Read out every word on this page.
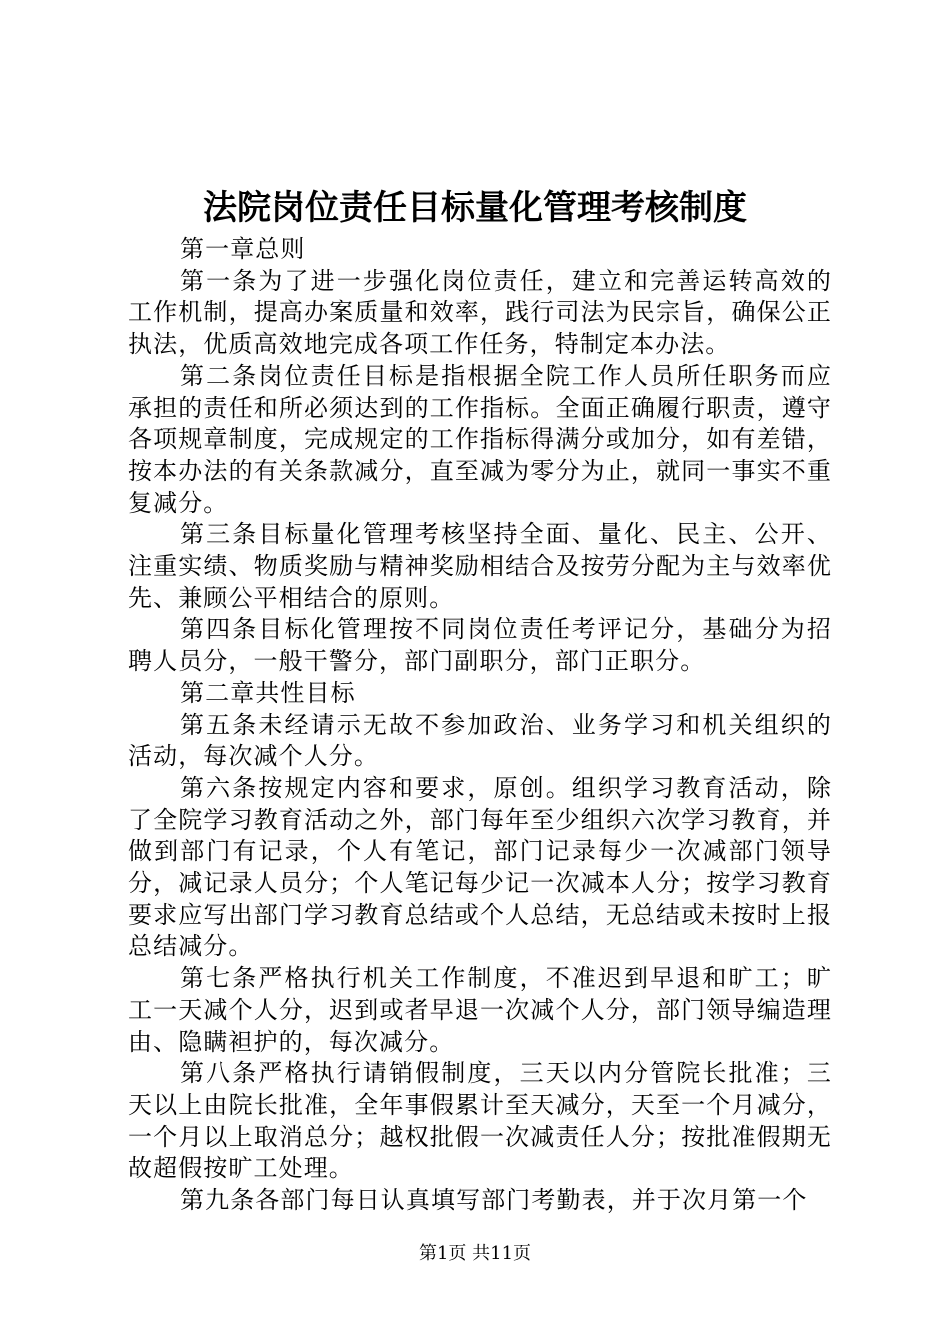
法院岗位责任目标量化管理考核制度

第一章总则

第一条为了进一步强化岗位责任，建立和完善运转高效的工作机制，提高办案质量和效率，践行司法为民宗旨，确保公正执法，优质高效地完成各项工作任务，特制定本办法。

第二条岗位责任目标是指根据全院工作人员所任职务而应承担的责任和所必须达到的工作指标。全面正确履行职责，遵守各项规章制度，完成规定的工作指标得满分或加分，如有差错，按本办法的有关条款减分，直至减为零分为止，就同一事实不重复减分。

第三条目标量化管理考核坚持全面、量化、民主、公开、注重实绩、物质奖励与精神奖励相结合及按劳分配为主与效率优先、兼顾公平相结合的原则。

第四条目标化管理按不同岗位责任考评记分，基础分为招聘人员分，一般干警分，部门副职分，部门正职分。

第二章共性目标

第五条未经请示无故不参加政治、业务学习和机关组织的活动，每次减个人分。

第六条按规定内容和要求，原创。组织学习教育活动，除了全院学习教育活动之外，部门每年至少组织六次学习教育，并做到部门有记录，个人有笔记，部门记录每少一次减部门领导分，减记录人员分；个人笔记每少记一次减本人分；按学习教育要求应写出部门学习教育总结或个人总结，无总结或未按时上报总结减分。

第七条严格执行机关工作制度，不准迟到早退和旷工；旷工一天减个人分，迟到或者早退一次减个人分，部门领导编造理由、隐瞒袒护的，每次减分。

第八条严格执行请销假制度，三天以内分管院长批准；三天以上由院长批准，全年事假累计至天减分，天至一个月减分，一个月以上取消总分；越权批假一次减责任人分；按批准假期无故超假按旷工处理。

第九条各部门每日认真填写部门考勤表，并于次月第一个

第1页 共11页
